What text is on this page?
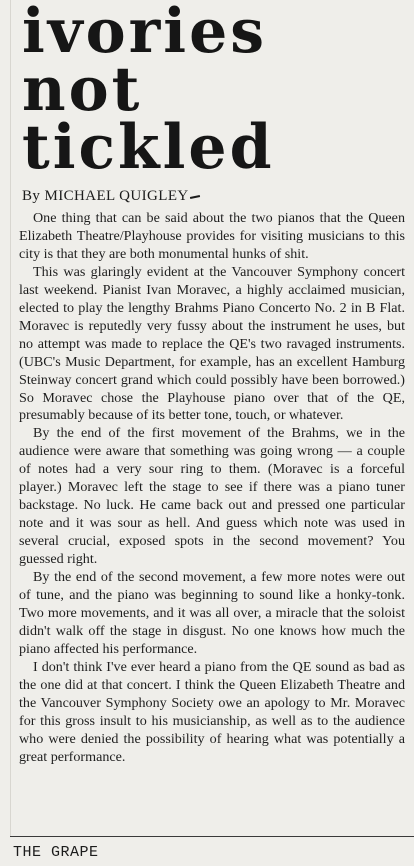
ivories
not
tickled
By MICHAEL QUIGLEY

One thing that can be said about the two pianos that the Queen Elizabeth Theatre/Playhouse provides for visiting musicians to this city is that they are both monumental hunks of shit.

This was glaringly evident at the Vancouver Symphony concert last weekend. Pianist Ivan Moravec, a highly acclaimed musician, elected to play the lengthy Brahms Piano Concerto No. 2 in B Flat. Moravec is reputedly very fussy about the instrument he uses, but no attempt was made to replace the QE's two ravaged instruments. (UBC's Music Department, for example, has an excellent Hamburg Steinway concert grand which could possibly have been borrowed.) So Moravec chose the Playhouse piano over that of the QE, presumably because of its better tone, touch, or whatever.

By the end of the first movement of the Brahms, we in the audience were aware that something was going wrong — a couple of notes had a very sour ring to them. (Moravec is a forceful player.) Moravec left the stage to see if there was a piano tuner backstage. No luck. He came back out and pressed one particular note and it was sour as hell. And guess which note was used in several crucial, exposed spots in the second movement? You guessed right.

By the end of the second movement, a few more notes were out of tune, and the piano was beginning to sound like a honky-tonk. Two more movements, and it was all over, a miracle that the soloist didn't walk off the stage in disgust. No one knows how much the piano affected his performance.

I don't think I've ever heard a piano from the QE sound as bad as the one did at that concert. I think the Queen Elizabeth Theatre and the Vancouver Symphony Society owe an apology to Mr. Moravec for this gross insult to his musicianship, as well as to the audience who were denied the possibility of hearing what was potentially a great performance.

THE GRAPE
